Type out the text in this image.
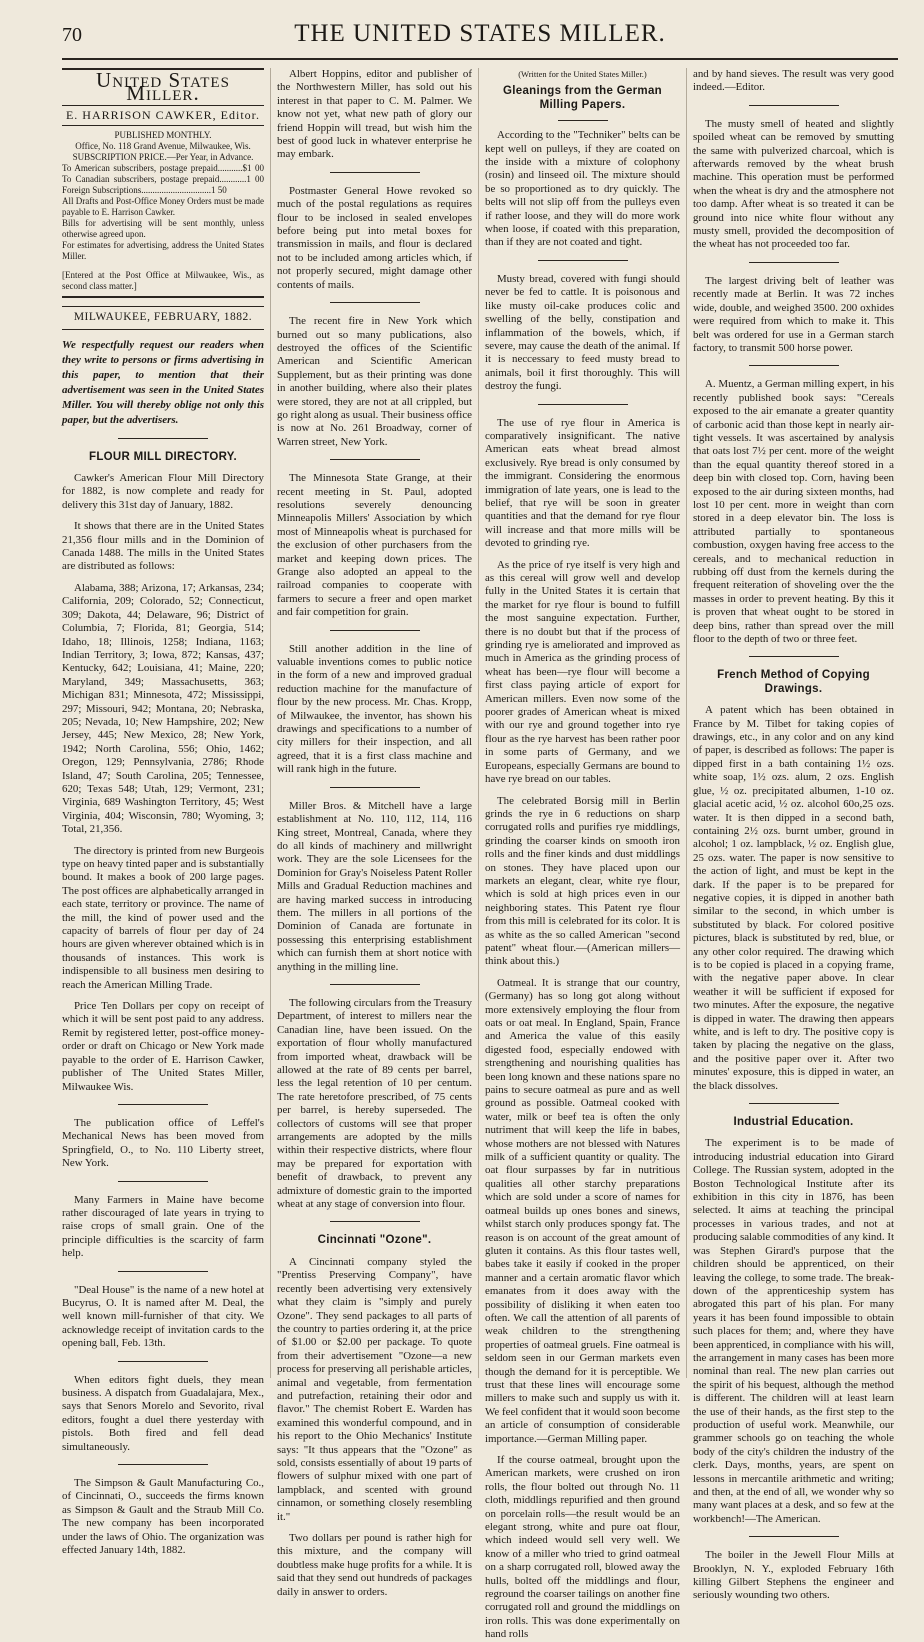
70	THE UNITED STATES MILLER.
United States Miller.
E. HARRISON CAWKER, Editor.
PUBLISHED MONTHLY.
Office, No. 118 Grand Avenue, Milwaukee, Wis.
SUBSCRIPTION PRICE.—Per Year, in Advance.
To American subscribers, postage prepaid...........$1 00 To Canadian subscribers, postage prepaid............1 00 Foreign Subscriptions...............................1 50
All Drafts and Post-Office Money Orders must be made payable to E. Harrison Cawker.
Bills for advertising will be sent monthly, unless otherwise agreed upon.
For estimates for advertising, address the United States Miller.
[Entered at the Post Office at Milwaukee, Wis., as second class matter.]
MILWAUKEE, FEBRUARY, 1882.
We respectfully request our readers when they write to persons or firms advertising in this paper, to mention that their advertisement was seen in the United States Miller. You will thereby oblige not only this paper, but the advertisers.
FLOUR MILL DIRECTORY.

Cawker's American Flour Mill Directory for 1882, is now complete and ready for delivery this 31st day of January, 1882.

It shows that there are in the United States 21,356 flour mills and in the Dominion of Canada 1488. The mills in the United States are distributed as follows:

Alabama, 388; Arizona, 17; Arkansas, 234; California, 209; Colorado, 52; Connecticut, 309; Dakota, 44; Delaware, 96; District of Columbia, 7; Florida, 81; Georgia, 514; Idaho, 18; Illinois, 1258; Indiana, 1163; Indian Territory, 3; Iowa, 872; Kansas, 437; Kentucky, 642; Louisiana, 41; Maine, 220; Maryland, 349; Massachusetts, 363; Michigan 831; Minnesota, 472; Mississippi, 297; Missouri, 942; Montana, 20; Nebraska, 205; Nevada, 10; New Hampshire, 202; New Jersey, 445; New Mexico, 28; New York, 1942; North Carolina, 556; Ohio, 1462; Oregon, 129; Pennsylvania, 2786; Rhode Island, 47; South Carolina, 205; Tennessee, 620; Texas 548; Utah, 129; Vermont, 231; Virginia, 689 Washington Territory, 45; West Virginia, 404; Wisconsin, 780; Wyoming, 3; Total, 21,356.

The directory is printed from new Burgeois type on heavy tinted paper and is substantially bound. It makes a book of 200 large pages. The post offices are alphabetically arranged in each state, territory or province. The name of the mill, the kind of power used and the capacity of barrels of flour per day of 24 hours are given wherever obtained which is in thousands of instances. This work is indispensible to all business men desiring to reach the American Milling Trade.

Price Ten Dollars per copy on receipt of which it will be sent post paid to any address. Remit by registered letter, post-office money-order or draft on Chicago or New York made payable to the order of E. Harrison Cawker, publisher of The United States Miller, Milwaukee Wis.

The publication office of Leffel's Mechanical News has been moved from Springfield, O., to No. 110 Liberty street, New York.

Many Farmers in Maine have become rather discouraged of late years in trying to raise crops of small grain. One of the principle difficulties is the scarcity of farm help.

"Deal House" is the name of a new hotel at Bucyrus, O. It is named after M. Deal, the well known mill-furnisher of that city. We acknowledge receipt of invitation cards to the opening ball, Feb. 13th.

When editors fight duels, they mean business. A dispatch from Guadalajara, Mex., says that Senors Morelo and Sevorito, rival editors, fought a duel there yesterday with pistols. Both fired and fell dead simultaneously.

The Simpson & Gault Manufacturing Co., of Cincinnati, O., succeeds the firms known as Simpson & Gault and the Straub Mill Co. The new company has been incorporated under the laws of Ohio. The organization was effected January 14th, 1882.

Albert Hoppins, editor and publisher of the Northwestern Miller, has sold out his interest in that paper to C. M. Palmer. We know not yet, what new path of glory our friend Hoppin will tread, but wish him the best of good luck in whatever enterprise he may embark.

Postmaster General Howe revoked so much of the postal regulations as requires flour to be inclosed in sealed envelopes before being put into metal boxes for transmission in mails, and flour is declared not to be included among articles which, if not properly secured, might damage other contents of mails.

The recent fire in New York which burned out so many publications, also destroyed the offices of the Scientific American and Scientific American Supplement, but as their printing was done in another building, where also their plates were stored, they are not at all crippled, but go right along as usual. Their business office is now at No. 261 Broadway, corner of Warren street, New York.

The Minnesota State Grange, at their recent meeting in St. Paul, adopted resolutions severely denouncing Minneapolis Millers' Association by which most of Minneapolis wheat is purchased for the exclusion of other purchasers from the market and keeping down prices. The Grange also adopted an appeal to the railroad companies to cooperate with farmers to secure a freer and open market and fair competition for grain.

Still another addition in the line of valuable inventions comes to public notice in the form of a new and improved gradual reduction machine for the manufacture of flour by the new process. Mr. Chas. Kropp, of Milwaukee, the inventor, has shown his drawings and specifications to a number of city millers for their inspection, and all agreed, that it is a first class machine and will rank high in the future.

Miller Bros. & Mitchell have a large establishment at No. 110, 112, 114, 116 King street, Montreal, Canada, where they do all kinds of machinery and millwright work. They are the sole Licensees for the Dominion for Gray's Noiseless Patent Roller Mills and Gradual Reduction machines and are having marked success in introducing them. The millers in all portions of the Dominion of Canada are fortunate in possessing this enterprising establishment which can furnish them at short notice with anything in the milling line.

The following circulars from the Treasury Department, of interest to millers near the Canadian line, have been issued. On the exportation of flour wholly manufactured from imported wheat, drawback will be allowed at the rate of 89 cents per barrel, less the legal retention of 10 per centum. The rate heretofore prescribed, of 75 cents per barrel, is hereby superseded. The collectors of customs will see that proper arrangements are adopted by the mills within their respective districts, where flour may be prepared for exportation with benefit of drawback, to prevent any admixture of domestic grain to the imported wheat at any stage of conversion into flour.

Cincinnati "Ozone".

A Cincinnati company styled the "Prentiss Preserving Company", have recently been advertising very extensively what they claim is "simply and purely Ozone". They send packages to all parts of the country to parties ordering it, at the price of $1.00 or $2.00 per package. To quote from their advertisement "Ozone—a new process for preserving all perishable articles, animal and vegetable, from fermentation and putrefaction, retaining their odor and flavor." The chemist Robert E. Warden has examined this wonderful compound, and in his report to the Ohio Mechanics' Institute says: "It thus appears that the "Ozone" as sold, consists essentially of about 19 parts of flowers of sulphur mixed with one part of lampblack, and scented with ground cinnamon, or something closely resembling it."

Two dollars per pound is rather high for this mixture, and the company will doubtless make huge profits for a while. It is said that they send out hundreds of packages daily in answer to orders.

(Written for the United States Miller.)
Gleanings from the German Milling Papers.

According to the "Techniker" belts can be kept well on pulleys, if they are coated on the inside with a mixture of colophony (rosin) and linseed oil. The mixture should be so proportioned as to dry quickly. The belts will not slip off from the pulleys even if rather loose, and they will do more work when loose, if coated with this preparation, than if they are not coated and tight.

Musty bread, covered with fungi should never be fed to cattle. It is poisonous and like musty oil-cake produces colic and swelling of the belly, constipation and inflammation of the bowels, which, if severe, may cause the death of the animal. If it is neccessary to feed musty bread to animals, boil it first thoroughly. This will destroy the fungi.

The use of rye flour in America is comparatively insignificant. The native American eats wheat bread almost exclusively. Rye bread is only consumed by the immigrant. Considering the enormous immigration of late years, one is lead to the belief, that rye will be soon in greater quantities and that the demand for rye flour will increase and that more mills will be devoted to grinding rye.

As the price of rye itself is very high and as this cereal will grow well and develop fully in the United States it is certain that the market for rye flour is bound to fulfill the most sanguine expectation. Further, there is no doubt but that if the process of grinding rye is ameliorated and improved as much in America as the grinding process of wheat has been—rye flour will become a first class paying article of export for American millers. Even now some of the poorer grades of American wheat is mixed with our rye and ground together into rye flour as the rye harvest has been rather poor in some parts of Germany, and we Europeans, especially Germans are bound to have rye bread on our tables.

The celebrated Borsig mill in Berlin grinds the rye in 6 reductions on sharp corrugated rolls and purifies rye middlings, grinding the coarser kinds on smooth iron rolls and the finer kinds and dust middlings on stones. They have placed upon our markets an elegant, clear, white rye flour, which is sold at high prices even in our neighboring states. This Patent rye flour from this mill is celebrated for its color. It is as white as the so called American "second patent" wheat flour.—(American millers—think about this.)

Oatmeal. It is strange that our country, (Germany) has so long got along without more extensively employing the flour from oats or oat meal. In England, Spain, France and America the value of this easily digested food, especially endowed with strengthening and nourishing qualities has been long known and these nations spare no pains to secure oatmeal as pure and as well ground as possible. Oatmeal cooked with water, milk or beef tea is often the only nutriment that will keep the life in babes, whose mothers are not blessed with Natures milk of a sufficient quantity or quality. The oat flour surpasses by far in nutritious qualities all other starchy preparations which are sold under a score of names for oatmeal builds up ones bones and sinews, whilst starch only produces spongy fat. The reason is on account of the great amount of gluten it contains. As this flour tastes well, babes take it easily if cooked in the proper manner and a certain aromatic flavor which emanates from it does away with the possibility of disliking it when eaten too often. We call the attention of all parents of weak children to the strengthening properties of oatmeal gruels. Fine oatmeal is seldom seen in our German markets even though the demand for it is perceptible. We trust that these lines will encourage some millers to make such and supply us with it. We feel confident that it would soon become an article of consumption of considerable importance.—German Milling paper.

If the course oatmeal, brought upon the American markets, were crushed on iron rolls, the flour bolted out through No. 11 cloth, middlings repurified and then ground on porcelain rolls—the result would be an elegant strong, white and pure oat flour, which indeed would sell very well. We know of a miller who tried to grind oatmeal on a sharp corrugated roll, blowed away the hulls, bolted off the middlings and flour, reground the coarser tailings on another fine corrugated roll and ground the middlings on iron rolls. This was done experimentally on hand rolls

and by hand sieves. The result was very good indeed.—Editor.

The musty smell of heated and slightly spoiled wheat can be removed by smutting the same with pulverized charcoal, which is afterwards removed by the wheat brush machine. This operation must be performed when the wheat is dry and the atmosphere not too damp. After wheat is so treated it can be ground into nice white flour without any musty smell, provided the decomposition of the wheat has not proceeded too far.

The largest driving belt of leather was recently made at Berlin. It was 72 inches wide, double, and weighed 3500. 200 oxhides were required from which to make it. This belt was ordered for use in a German starch factory, to transmit 500 horse power.

A. Muentz, a German milling expert, in his recently published book says: "Cereals exposed to the air emanate a greater quantity of carbonic acid than those kept in nearly air-tight vessels. It was ascertained by analysis that oats lost 7½ per cent. more of the weight than the equal quantity thereof stored in a deep bin with closed top. Corn, having been exposed to the air during sixteen months, had lost 10 per cent. more in weight than corn stored in a deep elevator bin. The loss is attributed partially to spontaneous combustion, oxygen having free access to the cereals, and to mechanical reduction in rubbing off dust from the kernels during the frequent reiteration of shoveling over the the masses in order to prevent heating. By this it is proven that wheat ought to be stored in deep bins, rather than spread over the mill floor to the depth of two or three feet.

French Method of Copying Drawings.

A patent which has been obtained in France by M. Tilbet for taking copies of drawings, etc., in any color and on any kind of paper, is described as follows: The paper is dipped first in a bath containing 1½ ozs. white soap, 1½ ozs. alum, 2 ozs. English glue, ½ oz. precipitated albumen, 1-10 oz. glacial acetic acid, ½ oz. alcohol 60o,25 ozs. water. It is then dipped in a second bath, containing 2½ ozs. burnt umber, ground in alcohol; 1 oz. lampblack, ½ oz. English glue, 25 ozs. water. The paper is now sensitive to the action of light, and must be kept in the dark. If the paper is to be prepared for negative copies, it is dipped in another bath similar to the second, in which umber is substituted by black. For colored positive pictures, black is substituted by red, blue, or any other color required. The drawing which is to be copied is placed in a copying frame, with the negative paper above. In clear weather it will be sufficient if exposed for two minutes. After the exposure, the negative is dipped in water. The drawing then appears white, and is left to dry. The positive copy is taken by placing the negative on the glass, and the positive paper over it. After two minutes' exposure, this is dipped in water, an the black dissolves.

Industrial Education.

The experiment is to be made of introducing industrial education into Girard College. The Russian system, adopted in the Boston Technological Institute after its exhibition in this city in 1876, has been selected. It aims at teaching the principal processes in various trades, and not at producing salable commodities of any kind. It was Stephen Girard's purpose that the children should be apprenticed, on their leaving the college, to some trade. The break-down of the apprenticeship system has abrogated this part of his plan. For many years it has been found impossible to obtain such places for them; and, where they have been apprenticed, in compliance with his will, the arrangement in many cases has been more nominal than real. The new plan carries out the spirit of his bequest, although the method is different. The children will at least learn the use of their hands, as the first step to the production of useful work. Meanwhile, our grammer schools go on teaching the whole body of the city's children the industry of the clerk. Days, months, years, are spent on lessons in mercantile arithmetic and writing; and then, at the end of all, we wonder why so many want places at a desk, and so few at the workbench!—The American.

The boiler in the Jewell Flour Mills at Brooklyn, N. Y., exploded February 16th killing Gilbert Stephens the engineer and seriously wounding two others.
